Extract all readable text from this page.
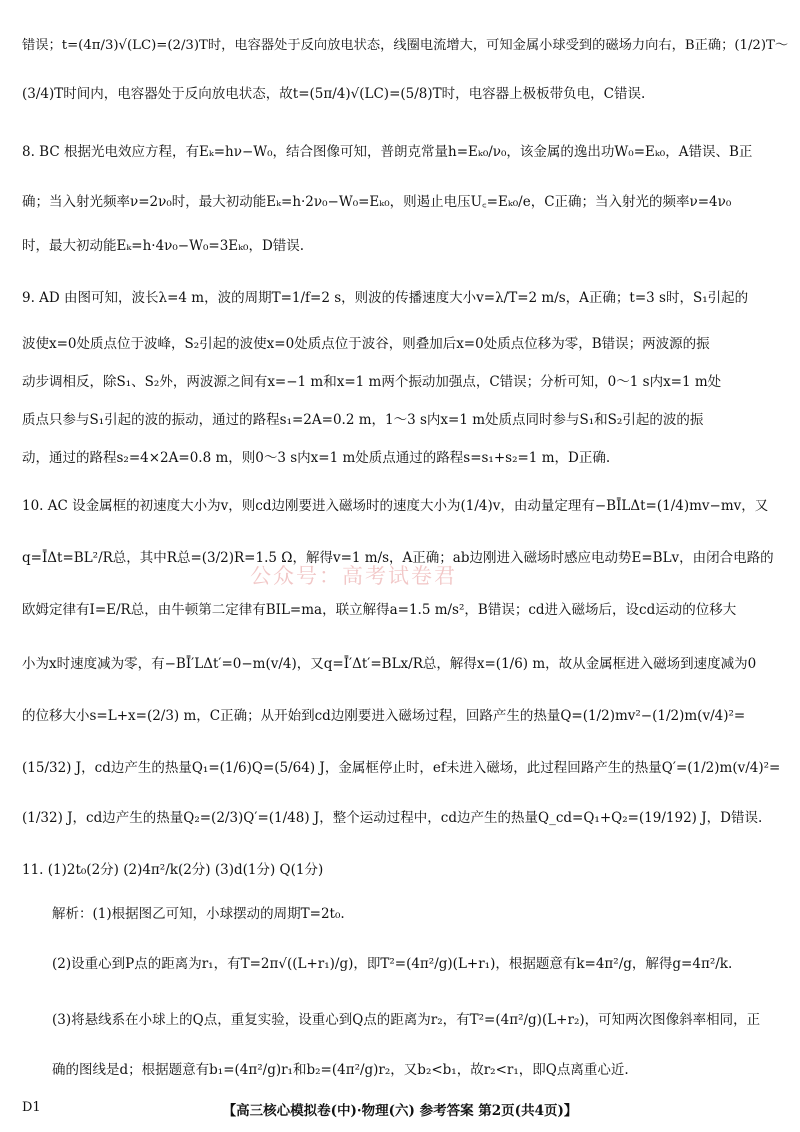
错误；t=(4π/3)√(LC)=(2/3)T时，电容器处于反向放电状态，线圈电流增大，可知金属小球受到的磁场力向右，B正确；(1/2)T～
(3/4)T时间内，电容器处于反向放电状态，故t=(5π/4)√(LC)=(5/8)T时，电容器上极板带负电，C错误.
8. BC 根据光电效应方程，有Eₖ=hν−W₀，结合图像可知，普朗克常量h=Eₖ₀/ν₀，该金属的逸出功W₀=Eₖ₀，A错误、B正
确；当入射光频率ν=2ν₀时，最大初动能Eₖ=h·2ν₀−W₀=Eₖ₀，则遏止电压U꜀=Eₖ₀/e，C正确；当入射光的频率ν=4ν₀
时，最大初动能Eₖ=h·4ν₀−W₀=3Eₖ₀，D错误.
9. AD 由图可知，波长λ=4 m，波的周期T=1/f=2 s，则波的传播速度大小v=λ/T=2 m/s，A正确；t=3 s时，S₁引起的
波使x=0处质点位于波峰，S₂引起的波使x=0处质点位于波谷，则叠加后x=0处质点位移为零，B错误；两波源的振
动步调相反，除S₁、S₂外，两波源之间有x=−1 m和x=1 m两个振动加强点，C错误；分析可知，0～1 s内x=1 m处
质点只参与S₁引起的波的振动，通过的路程s₁=2A=0.2 m，1～3 s内x=1 m处质点同时参与S₁和S₂引起的波的振
动，通过的路程s₂=4×2A=0.8 m，则0～3 s内x=1 m处质点通过的路程s=s₁+s₂=1 m，D正确.
10. AC 设金属框的初速度大小为v，则cd边刚要进入磁场时的速度大小为(1/4)v，由动量定理有−BĪLΔt=(1/4)mv−mv，又
q=ĪΔt=BL²/R总，其中R总=(3/2)R=1.5 Ω，解得v=1 m/s，A正确；ab边刚进入磁场时感应电动势E=BLv，由闭合电路的
欧姆定律有I=E/R总，由牛顿第二定律有BIL=ma，联立解得a=1.5 m/s²，B错误；cd进入磁场后，设cd运动的位移大
小为x时速度减为零，有−BĪ′LΔt′=0−m(v/4)，又q=Ī′Δt′=BLx/R总，解得x=(1/6) m，故从金属框进入磁场到速度减为0
的位移大小s=L+x=(2/3) m，C正确；从开始到cd边刚要进入磁场过程，回路产生的热量Q=(1/2)mv²−(1/2)m(v/4)²=
(15/32) J，cd边产生的热量Q₁=(1/6)Q=(5/64) J，金属框停止时，ef未进入磁场，此过程回路产生的热量Q′=(1/2)m(v/4)²=
(1/32) J，cd边产生的热量Q₂=(2/3)Q′=(1/48) J，整个运动过程中，cd边产生的热量Q_cd=Q₁+Q₂=(19/192) J，D错误.
11. (1)2t₀(2分) (2)4π²/k(2分) (3)d(1分) Q(1分)
解析：(1)根据图乙可知，小球摆动的周期T=2t₀.
(2)设重心到P点的距离为r₁，有T=2π√((L+r₁)/g)，即T²=(4π²/g)(L+r₁)，根据题意有k=4π²/g，解得g=4π²/k.
(3)将悬线系在小球上的Q点，重复实验，设重心到Q点的距离为r₂，有T²=(4π²/g)(L+r₂)，可知两次图像斜率相同，正
确的图线是d；根据题意有b₁=(4π²/g)r₁和b₂=(4π²/g)r₂，又b₂<b₁，故r₂<r₁，即Q点离重心近.
公众号：高考试卷君
D1	【高三核心模拟卷(中)·物理(六) 参考答案 第2页(共4页)】
